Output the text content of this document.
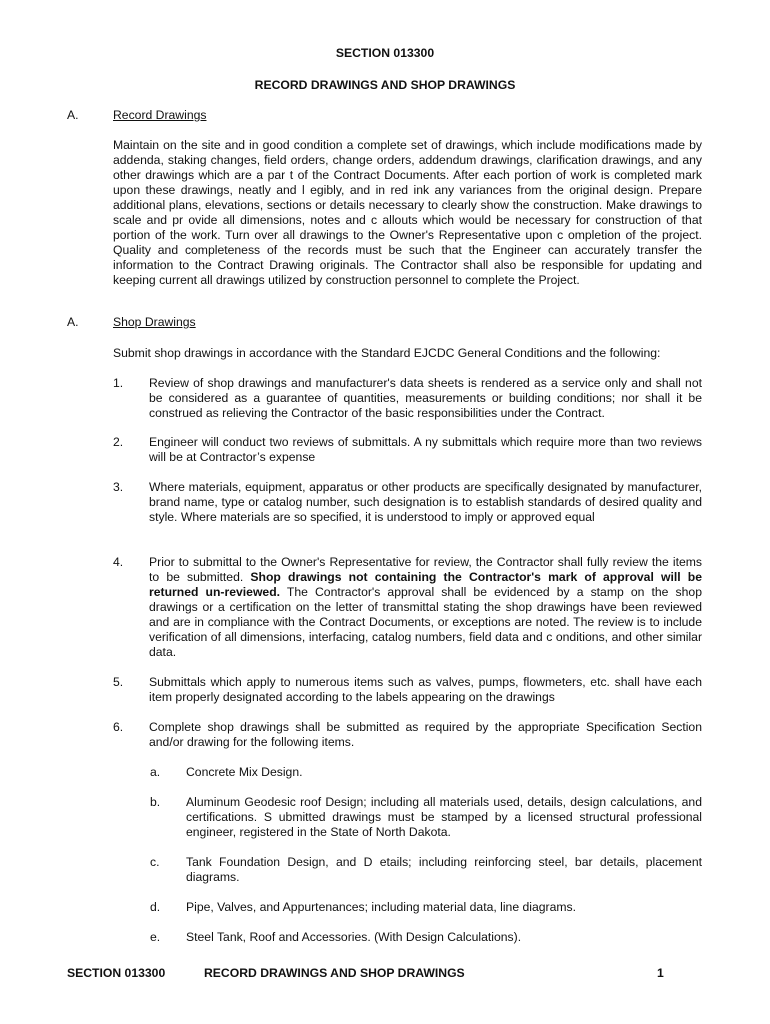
SECTION 013300
RECORD DRAWINGS AND SHOP DRAWINGS
A.	Record Drawings
Maintain on the site and in good condition a complete set of drawings, which include modifications made by addenda, staking changes, field orders, change orders, addendum drawings, clarification drawings, and any other drawings which are a par t of the Contract Documents. After each portion of work is completed mark upon these drawings, neatly and l egibly, and in red ink any variances from the original design. Prepare additional plans, elevations, sections or details necessary to clearly show the construction. Make drawings to scale and pr ovide all dimensions, notes and c allouts which would be necessary for construction of that portion of the work. Turn over all drawings to the Owner's Representative upon c ompletion of the project. Quality and completeness of the records must be such that the Engineer can accurately transfer the information to the Contract Drawing originals. The Contractor shall also be responsible for updating and keeping current all drawings utilized by construction personnel to complete the Project.
A.	Shop Drawings
Submit shop drawings in accordance with the Standard EJCDC General Conditions and the following:
1. Review of shop drawings and manufacturer's data sheets is rendered as a service only and shall not be considered as a guarantee of quantities, measurements or building conditions; nor shall it be construed as relieving the Contractor of the basic responsibilities under the Contract.
2. Engineer will conduct two reviews of submittals. A ny submittals which require more than two reviews will be at Contractor’s expense
3. Where materials, equipment, apparatus or other products are specifically designated by manufacturer, brand name, type or catalog number, such designation is to establish standards of desired quality and style. Where materials are so specified, it is understood to imply or approved equal
4. Prior to submittal to the Owner's Representative for review, the Contractor shall fully review the items to be submitted. Shop drawings not containing the Contractor's mark of approval will be returned un-reviewed. The Contractor's approval shall be evidenced by a stamp on the shop drawings or a certification on the letter of transmittal stating the shop drawings have been reviewed and are in compliance with the Contract Documents, or exceptions are noted. The review is to include verification of all dimensions, interfacing, catalog numbers, field data and c onditions, and other similar data.
5. Submittals which apply to numerous items such as valves, pumps, flowmeters, etc. shall have each item properly designated according to the labels appearing on the drawings
6. Complete shop drawings shall be submitted as required by the appropriate Specification Section and/or drawing for the following items.
a. Concrete Mix Design.
b. Aluminum Geodesic roof Design; including all materials used, details, design calculations, and certifications. S ubmitted drawings must be stamped by a licensed structural professional engineer, registered in the State of North Dakota.
c. Tank Foundation Design, and D etails; including reinforcing steel, bar details, placement diagrams.
d. Pipe, Valves, and Appurtenances; including material data, line diagrams.
e. Steel Tank, Roof and Accessories. (With Design Calculations).
SECTION 013300	RECORD DRAWINGS AND SHOP DRAWINGS	1
